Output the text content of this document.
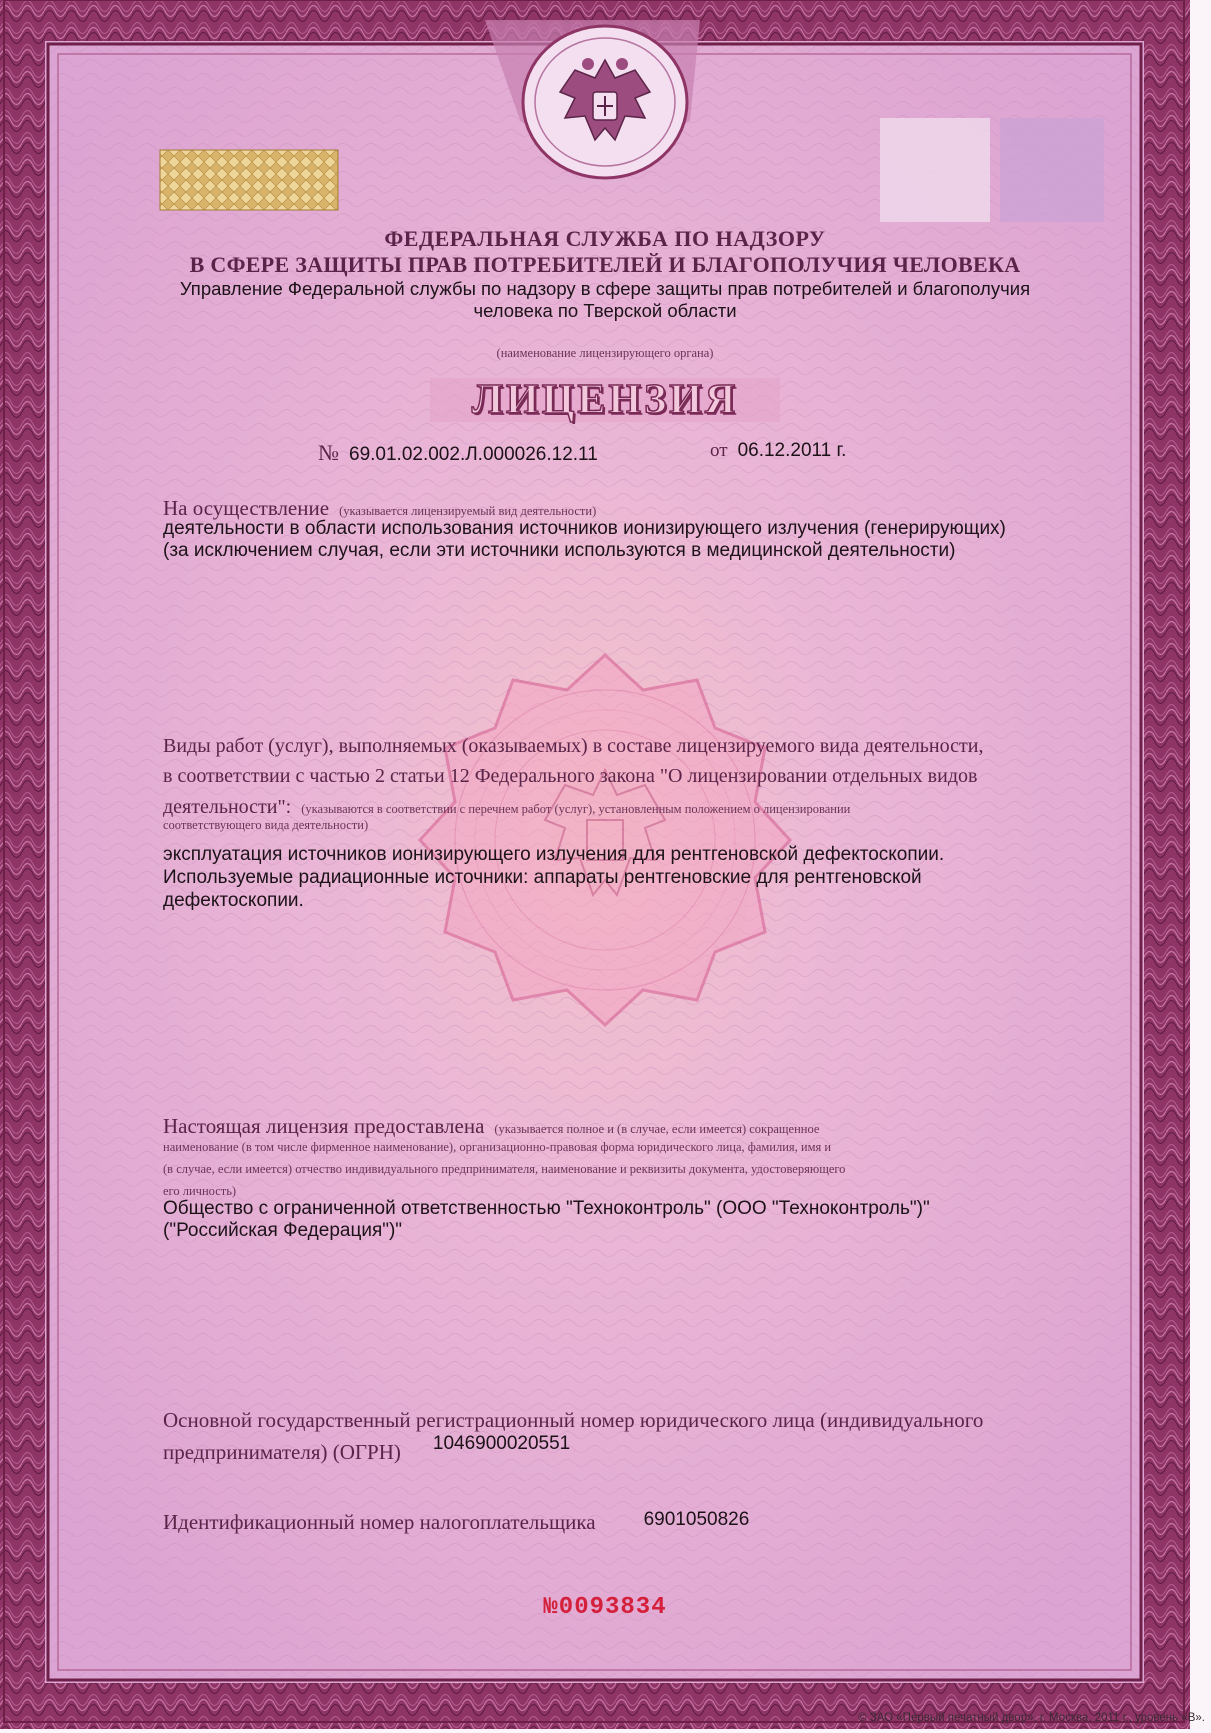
ФЕДЕРАЛЬНАЯ СЛУЖБА ПО НАДЗОРУ
В СФЕРЕ ЗАЩИТЫ ПРАВ ПОТРЕБИТЕЛЕЙ И БЛАГОПОЛУЧИЯ ЧЕЛОВЕКА
Управление Федеральной службы по надзору в сфере защиты прав потребителей и благополучия
человека по Тверской области
(наименование лицензирующего органа)
ЛИЦЕНЗИЯ
№ 69.01.02.002.Л.000026.12.11	от 06.12.2011 г.
На осуществление (указывается лицензируемый вид деятельности)
деятельности в области использования источников ионизирующего излучения (генерирующих)
(за исключением случая, если эти источники используются в медицинской деятельности)
Виды работ (услуг), выполняемых (оказываемых) в составе лицензируемого вида деятельности,
в соответствии с частью 2 статьи 12 Федерального закона "О лицензировании отдельных видов
деятельности": (указываются в соответствии с перечнем работ (услуг), установленным положением о лицензировании
соответствующего вида деятельности)
эксплуатация источников ионизирующего излучения для рентгеновской дефектоскопии.
Используемые радиационные источники: аппараты рентгеновские для рентгеновской
дефектоскопии.
Настоящая лицензия предоставлена (указывается полное и (в случае, если имеется) сокращенное
наименование (в том числе фирменное наименование), организационно-правовая форма юридического лица, фамилия, имя и
(в случае, если имеется) отчество индивидуального предпринимателя, наименование и реквизиты документа, удостоверяющего
его личность)
Общество с ограниченной ответственностью "Техноконтроль" (ООО "Техноконтроль")"
("Российская Федерация")"
Основной государственный регистрационный номер юридического лица (индивидуального
предпринимателя) (ОГРН) 1046900020551
Идентификационный номер налогоплательщика	6901050826
№0093834
© ЗАО «Первый печатный двор», г. Москва, 2011 г., уровень «В».
